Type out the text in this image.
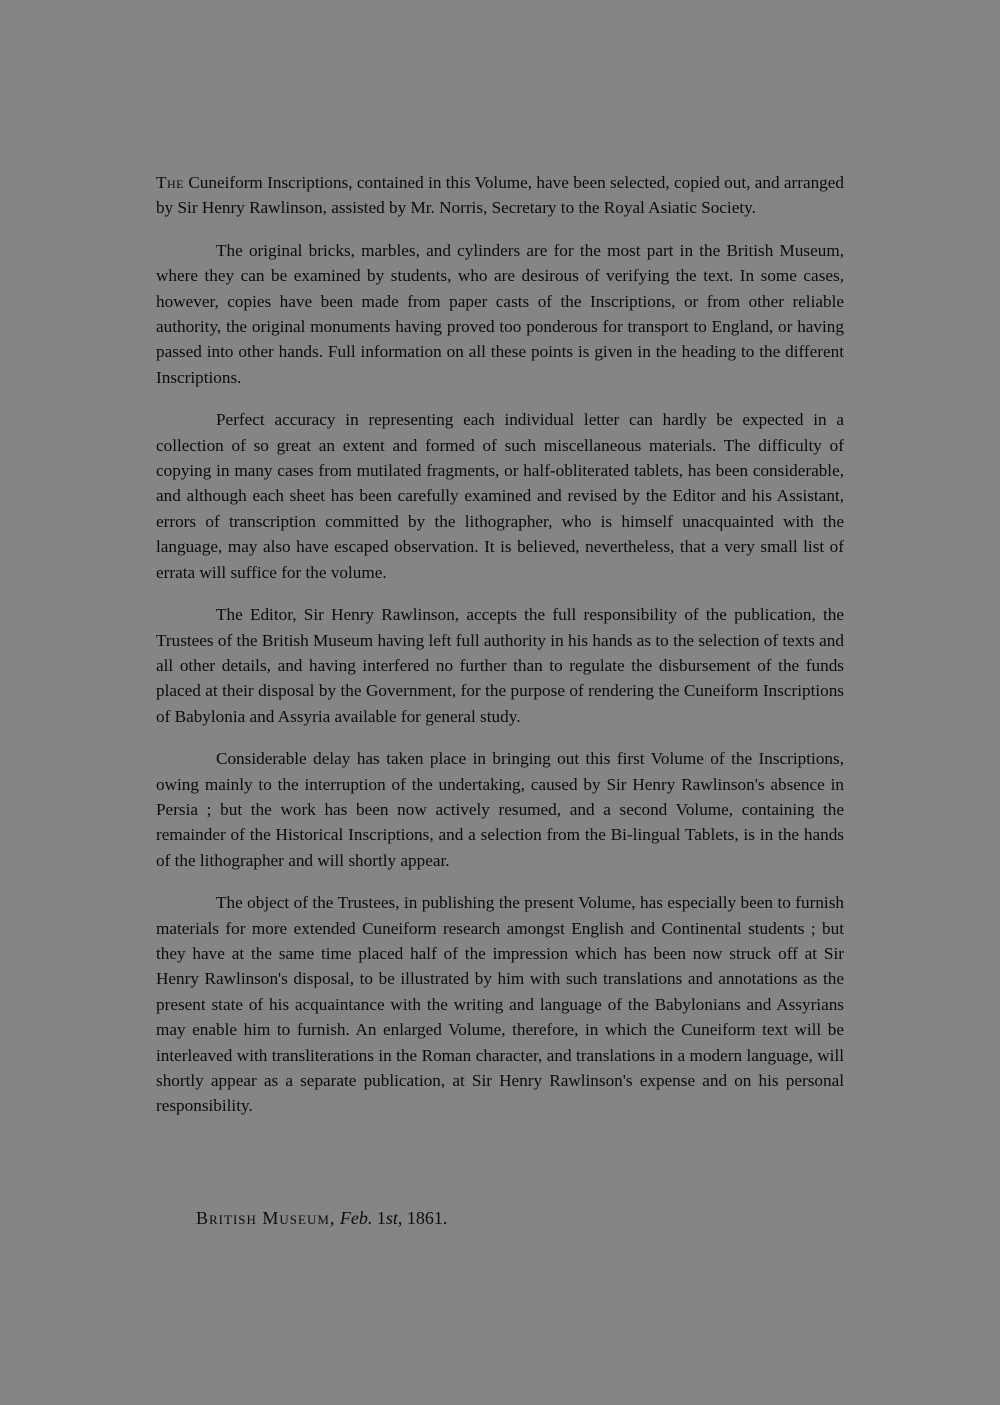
The Cuneiform Inscriptions, contained in this Volume, have been selected, copied out, and arranged by Sir Henry Rawlinson, assisted by Mr. Norris, Secretary to the Royal Asiatic Society.

The original bricks, marbles, and cylinders are for the most part in the British Museum, where they can be examined by students, who are desirous of verifying the text. In some cases, however, copies have been made from paper casts of the Inscriptions, or from other reliable authority, the original monuments having proved too ponderous for transport to England, or having passed into other hands. Full information on all these points is given in the heading to the different Inscriptions.

Perfect accuracy in representing each individual letter can hardly be expected in a collection of so great an extent and formed of such miscellaneous materials. The difficulty of copying in many cases from mutilated fragments, or half-obliterated tablets, has been considerable, and although each sheet has been carefully examined and revised by the Editor and his Assistant, errors of transcription committed by the lithographer, who is himself unacquainted with the language, may also have escaped observation. It is believed, nevertheless, that a very small list of errata will suffice for the volume.

The Editor, Sir Henry Rawlinson, accepts the full responsibility of the publication, the Trustees of the British Museum having left full authority in his hands as to the selection of texts and all other details, and having interfered no further than to regulate the disbursement of the funds placed at their disposal by the Government, for the purpose of rendering the Cuneiform Inscriptions of Babylonia and Assyria available for general study.

Considerable delay has taken place in bringing out this first Volume of the Inscriptions, owing mainly to the interruption of the undertaking, caused by Sir Henry Rawlinson's absence in Persia ; but the work has been now actively resumed, and a second Volume, containing the remainder of the Historical Inscriptions, and a selection from the Bi-lingual Tablets, is in the hands of the lithographer and will shortly appear.

The object of the Trustees, in publishing the present Volume, has especially been to furnish materials for more extended Cuneiform research amongst English and Continental students ; but they have at the same time placed half of the impression which has been now struck off at Sir Henry Rawlinson's disposal, to be illustrated by him with such translations and annotations as the present state of his acquaintance with the writing and language of the Babylonians and Assyrians may enable him to furnish. An enlarged Volume, therefore, in which the Cuneiform text will be interleaved with transliterations in the Roman character, and translations in a modern language, will shortly appear as a separate publication, at Sir Henry Rawlinson's expense and on his personal responsibility.

British Museum, Feb. 1st, 1861.
